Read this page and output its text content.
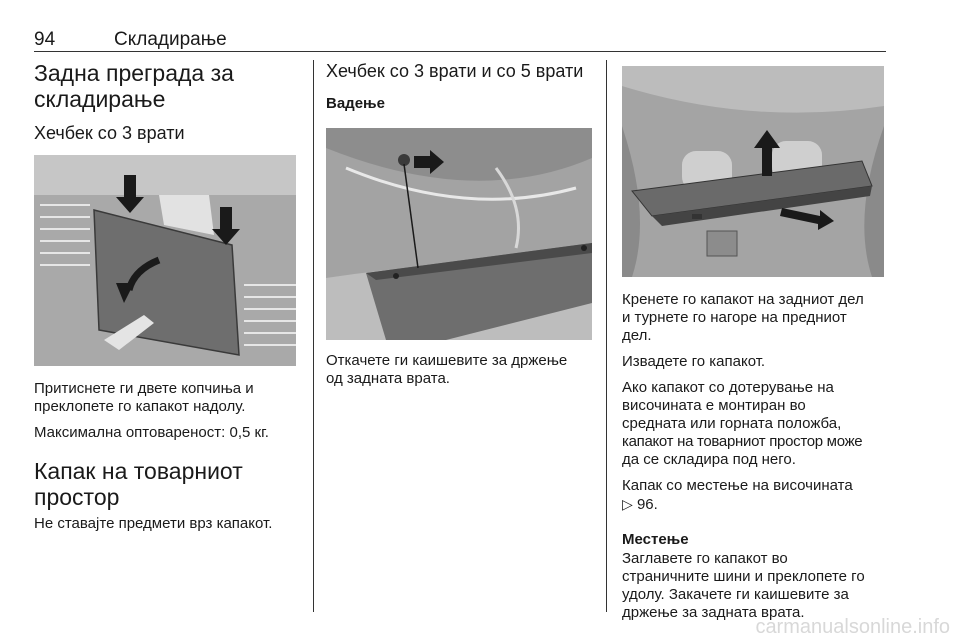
94	Складирање
Задна преграда за
складирање
Хечбек со 3 врати
Притиснете ги двете копчиња и
преклопете го капакот надолу.
Максимална оптовареност: 0,5 кг.
Капак на товарниот
простор
Не ставајте предмети врз капакот.
Хечбек со 3 врати и со 5 врати
Вадење
Откачете ги каишевите за држење
од задната врата.
Кренете го капакот на задниот дел
и турнете го нагоре на предниот
дел.
Извадете го капакот.
Ако капакот со дотерување на
височината е монтиран во
средната или горната положба,
капакот на товарниот простор може
да се складира под него.
Капак со местење на височината
▷ 96.
Местење
Заглавете го капакот во
страничните шини и преклопете го
удолу. Закачете ги каишевите за
држење за задната врата.
carmanualsonline.info
